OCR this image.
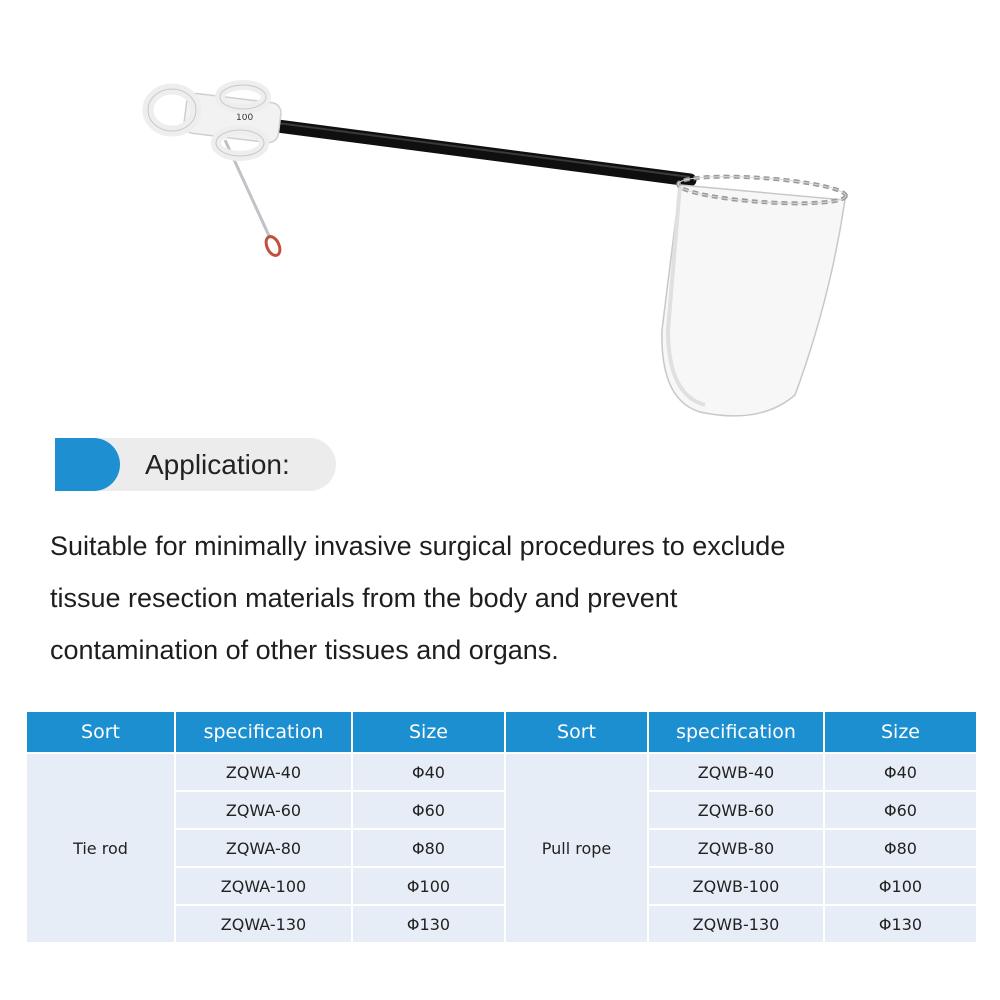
100
Application:

Suitable for minimally invasive surgical procedures to exclude
tissue resection materials from the body and prevent
contamination of other tissues and organs.

Sort	specification	Size	Sort	specification	Size
Tie rod	ZQWA-40	Φ40	Pull rope	ZQWB-40	Φ40
	ZQWA-60	Φ60		ZQWB-60	Φ60
	ZQWA-80	Φ80		ZQWB-80	Φ80
	ZQWA-100	Φ100		ZQWB-100	Φ100
	ZQWA-130	Φ130		ZQWB-130	Φ130
